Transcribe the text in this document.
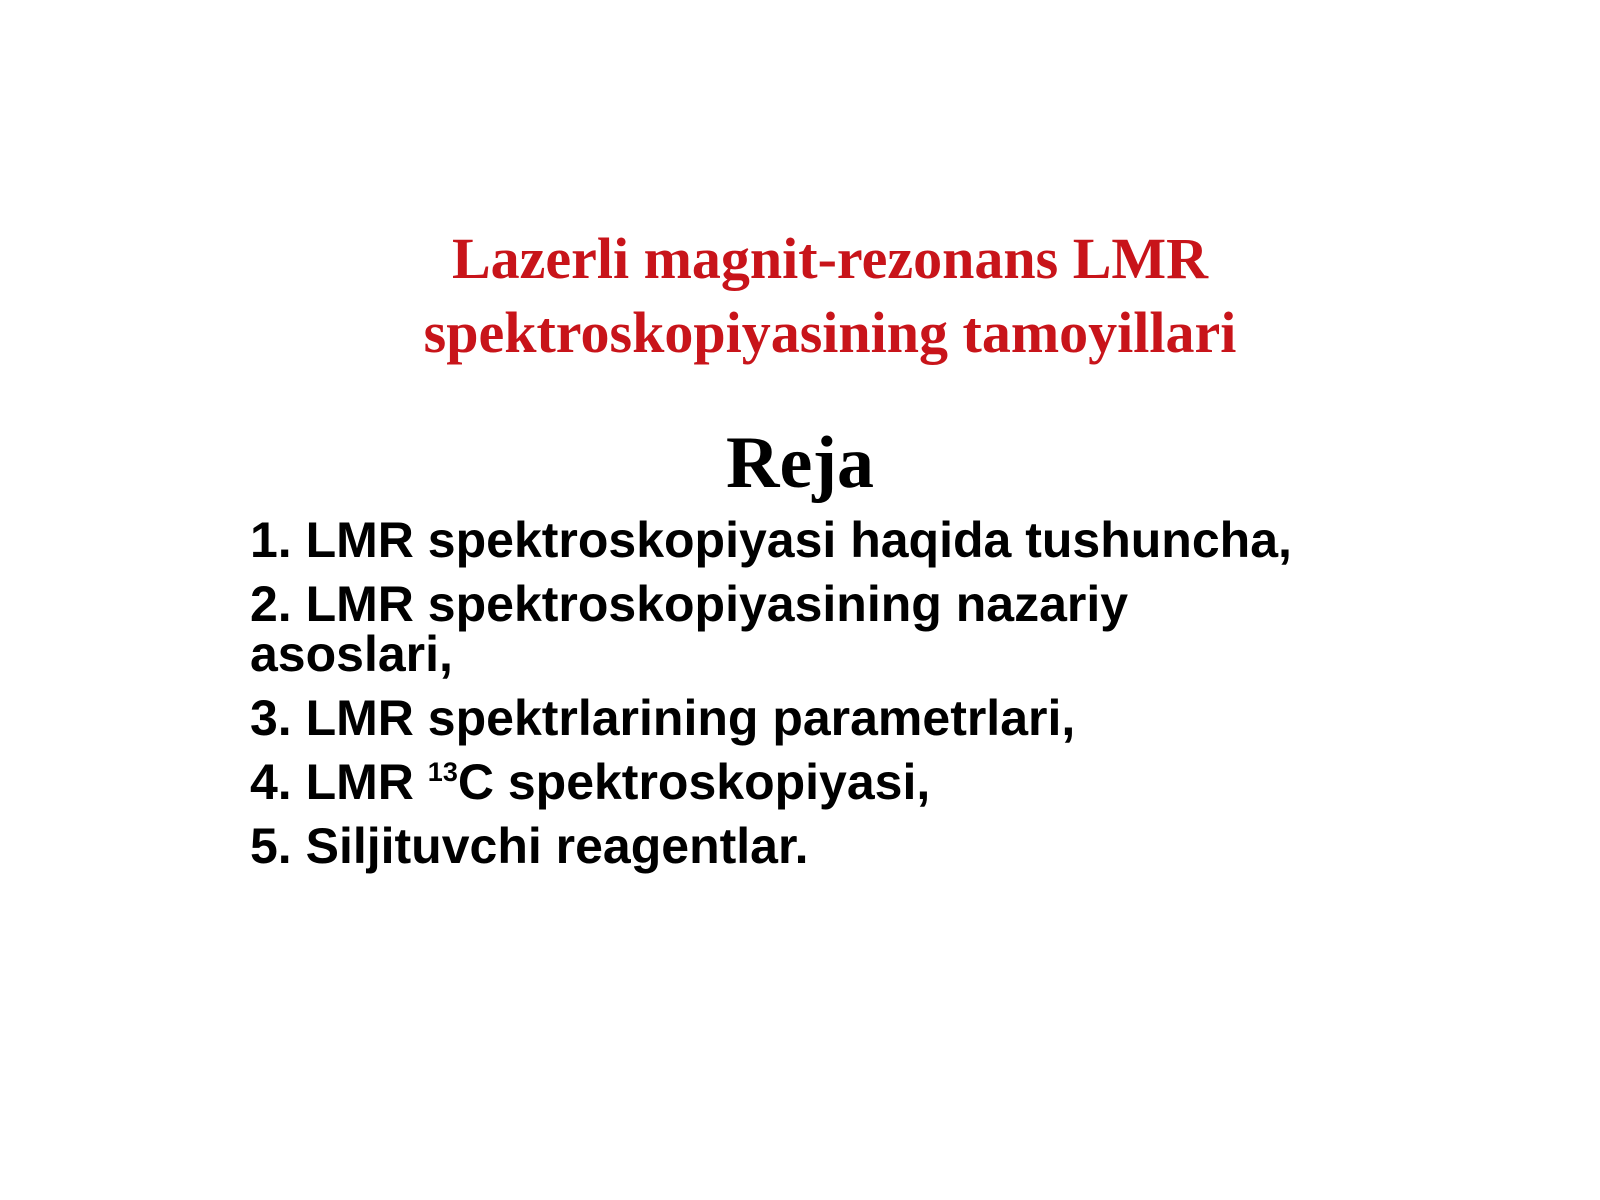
Lazerli magnit-rezonans LMR
spektroskopiyasining tamoyillari
Reja
1. LMR spektroskopiyasi haqida tushuncha,
2. LMR spektroskopiyasining nazariy asoslari,
3. LMR spektrlarining parametrlari,
4. LMR $^{13}$C spektroskopiyasi,
5. Siljituvchi reagentlar.
